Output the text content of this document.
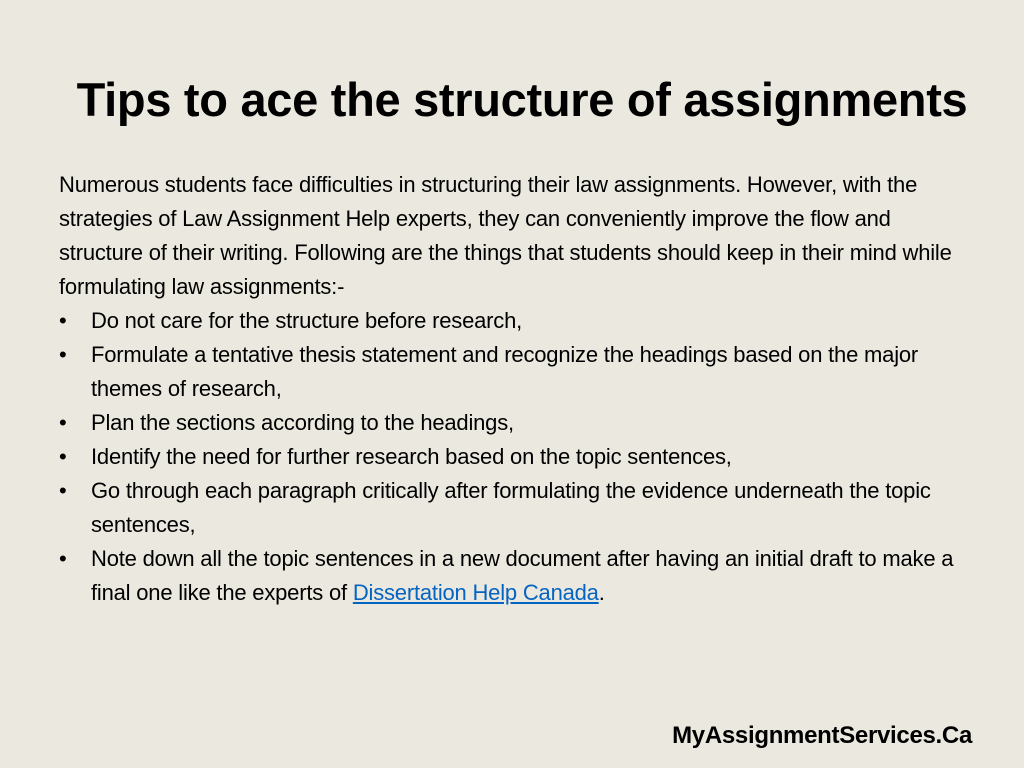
Tips to ace the structure of assignments

Numerous students face difficulties in structuring their law assignments. However, with the strategies of Law Assignment Help experts, they can conveniently improve the flow and structure of their writing. Following are the things that students should keep in their mind while formulating law assignments:-

•	Do not care for the structure before research,
•	Formulate a tentative thesis statement and recognize the headings based on the major themes of research,
•	Plan the sections according to the headings,
•	Identify the need for further research based on the topic sentences,
•	Go through each paragraph critically after formulating the evidence underneath the topic sentences,
•	Note down all the topic sentences in a new document after having an initial draft to make a final one like the experts of Dissertation Help Canada.

MyAssignmentServices.Ca
